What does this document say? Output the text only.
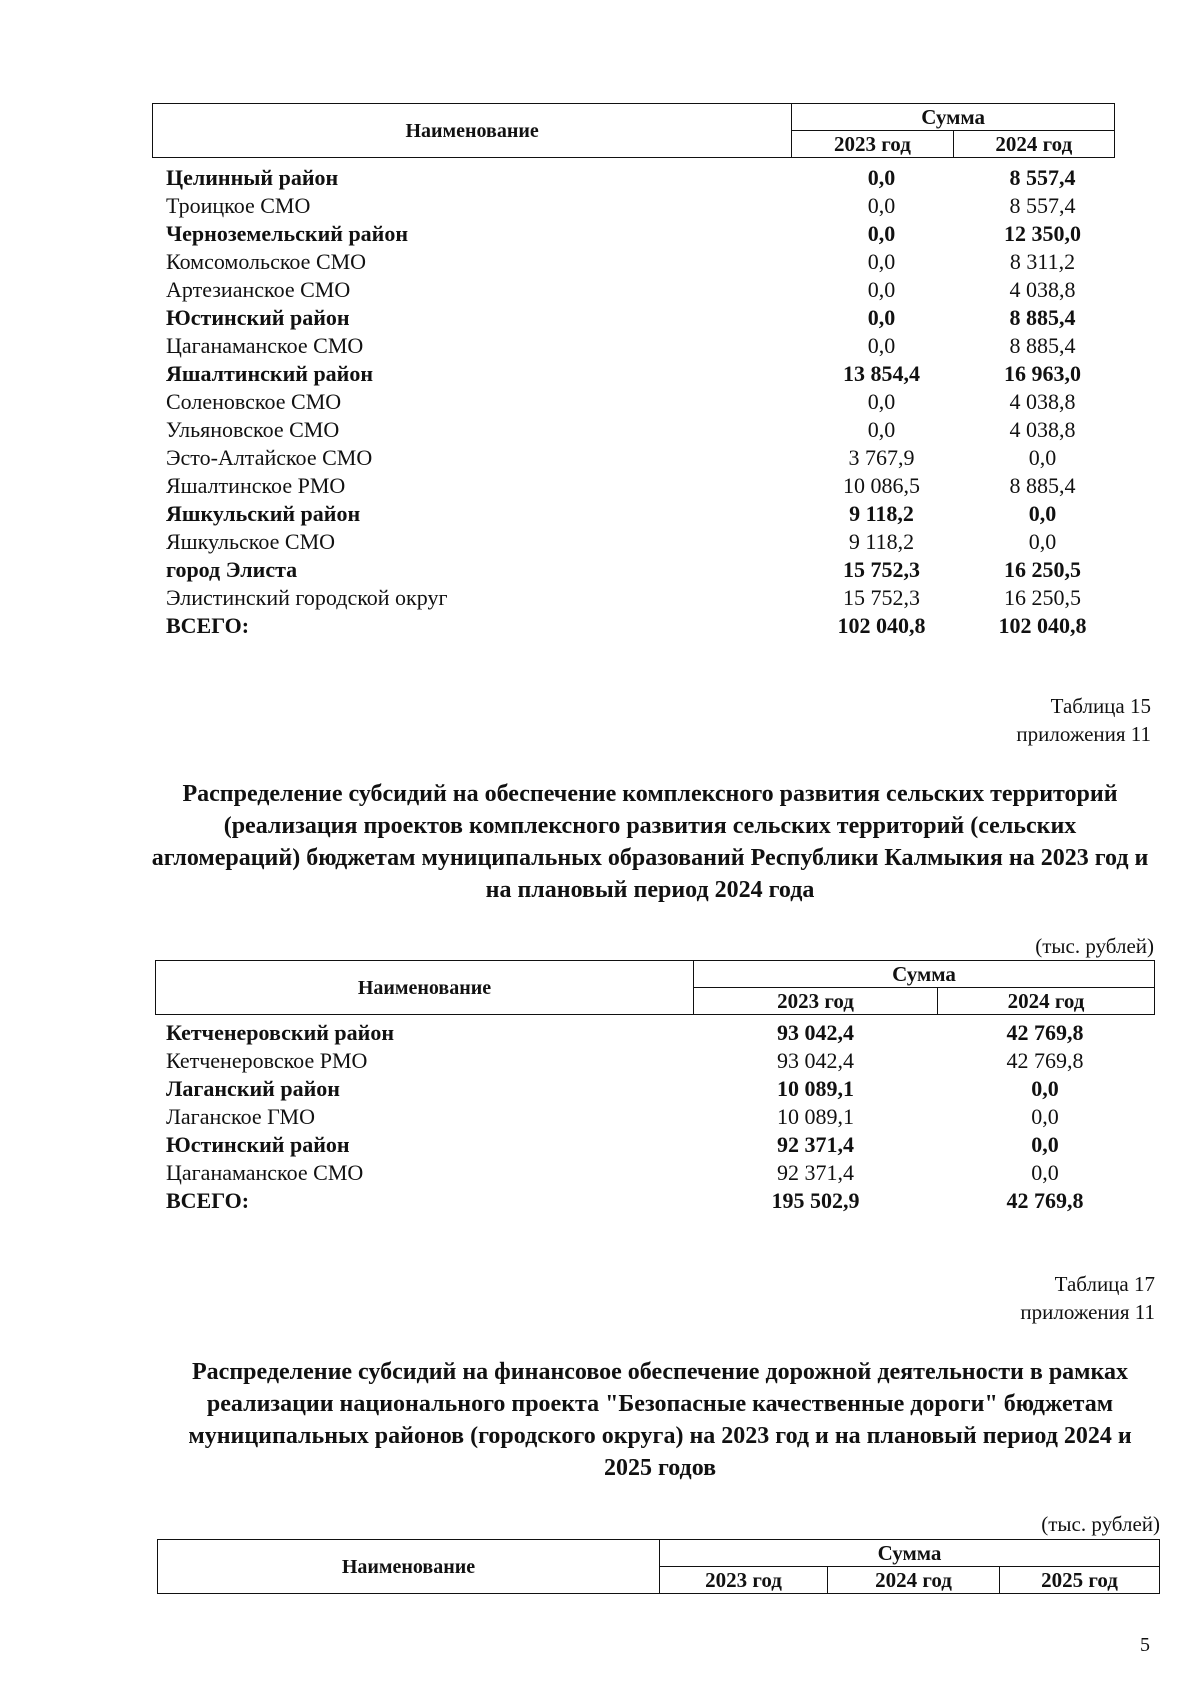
Наименование	Сумма	
	2023 год	2024 год
Целинный район	0,0	8 557,4
Троицкое СМО	0,0	8 557,4
Черноземельский район	0,0	12 350,0
Комсомольское СМО	0,0	8 311,2
Артезианское СМО	0,0	4 038,8
Юстинский район	0,0	8 885,4
Цаганаманское СМО	0,0	8 885,4
Яшалтинский район	13 854,4	16 963,0
Соленовское СМО	0,0	4 038,8
Ульяновское СМО	0,0	4 038,8
Эсто-Алтайское СМО	3 767,9	0,0
Яшалтинское РМО	10 086,5	8 885,4
Яшкульский район	9 118,2	0,0
Яшкульское СМО	9 118,2	0,0
город Элиста	15 752,3	16 250,5
Элистинский городской округ	15 752,3	16 250,5
ВСЕГО:	102 040,8	102 040,8
Таблица 15
приложения 11
Распределение субсидий на обеспечение комплексного развития сельских территорий (реализация проектов комплексного развития сельских территорий (сельских агломераций) бюджетам муниципальных образований Республики Калмыкия на 2023 год и на плановый период 2024 года
(тыс. рублей)
Наименование	Сумма	
	2023 год	2024 год
Кетченеровский район	93 042,4	42 769,8
Кетченеровское РМО	93 042,4	42 769,8
Лаганский район	10 089,1	0,0
Лаганское ГМО	10 089,1	0,0
Юстинский район	92 371,4	0,0
Цаганаманское СМО	92 371,4	0,0
ВСЕГО:	195 502,9	42 769,8
Таблица 17
приложения 11
Распределение субсидий на финансовое обеспечение дорожной деятельности в рамках реализации национального проекта "Безопасные качественные дороги" бюджетам муниципальных районов (городского округа) на 2023 год и на плановый период 2024 и 2025 годов
(тыс. рублей)
Наименование	Сумма		
	2023 год	2024 год	2025 год
5
